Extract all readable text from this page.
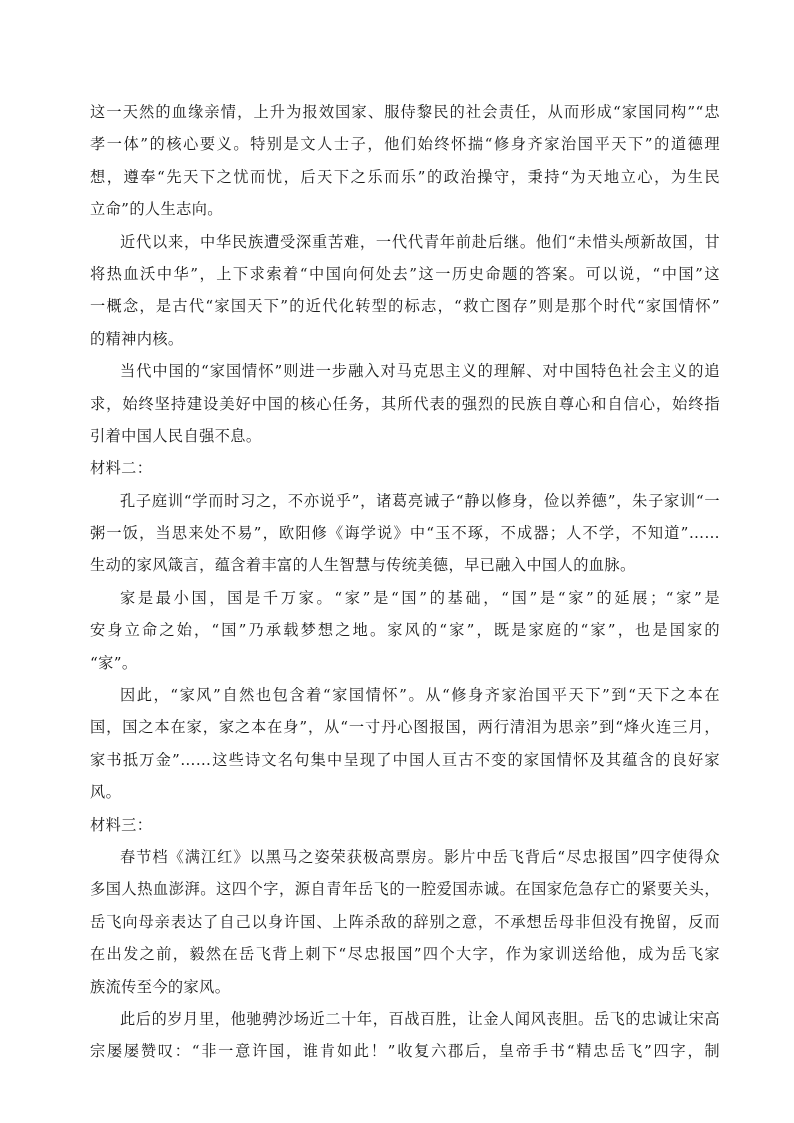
这一天然的血缘亲情，上升为报效国家、服侍黎民的社会责任，从而形成“家国同构”“忠
孝一体”的核心要义。特别是文人士子，他们始终怀揣“修身齐家治国平天下”的道德理
想，遵奉“先天下之忧而忧，后天下之乐而乐”的政治操守，秉持“为天地立心，为生民
立命”的人生志向。
近代以来，中华民族遭受深重苦难，一代代青年前赴后继。他们“未惜头颅新故国，甘
将热血沃中华”，上下求索着“中国向何处去”这一历史命题的答案。可以说，“中国”这
一概念，是古代“家国天下”的近代化转型的标志，“救亡图存”则是那个时代“家国情怀”
的精神内核。
当代中国的“家国情怀”则进一步融入对马克思主义的理解、对中国特色社会主义的追
求，始终坚持建设美好中国的核心任务，其所代表的强烈的民族自尊心和自信心，始终指
引着中国人民自强不息。
材料二：
孔子庭训“学而时习之，不亦说乎”，诸葛亮诫子“静以修身，俭以养德”，朱子家训“一
粥一饭，当思来处不易”，欧阳修《诲学说》中“玉不琢，不成器；人不学，不知道”……
生动的家风箴言，蕴含着丰富的人生智慧与传统美德，早已融入中国人的血脉。
家是最小国，国是千万家。“家”是“国”的基础，“国”是“家”的延展；“家”是
安身立命之始，“国”乃承载梦想之地。家风的“家”，既是家庭的“家”，也是国家的
“家”。
因此，“家风”自然也包含着“家国情怀”。从“修身齐家治国平天下”到“天下之本在
国，国之本在家，家之本在身”，从“一寸丹心图报国，两行清泪为思亲”到“烽火连三月，
家书抵万金”……这些诗文名句集中呈现了中国人亘古不变的家国情怀及其蕴含的良好家
风。
材料三：
春节档《满江红》以黑马之姿荣获极高票房。影片中岳飞背后“尽忠报国”四字使得众
多国人热血澎湃。这四个字，源自青年岳飞的一腔爱国赤诚。在国家危急存亡的紧要关头，
岳飞向母亲表达了自己以身许国、上阵杀敌的辞别之意，不承想岳母非但没有挽留，反而
在出发之前，毅然在岳飞背上刺下“尽忠报国”四个大字，作为家训送给他，成为岳飞家
族流传至今的家风。
此后的岁月里，他驰骋沙场近二十年，百战百胜，让金人闻风丧胆。岳飞的忠诚让宋高
宗屡屡赞叹：“非一意许国，谁肯如此！”收复六郡后，皇帝手书“精忠岳飞”四字，制
